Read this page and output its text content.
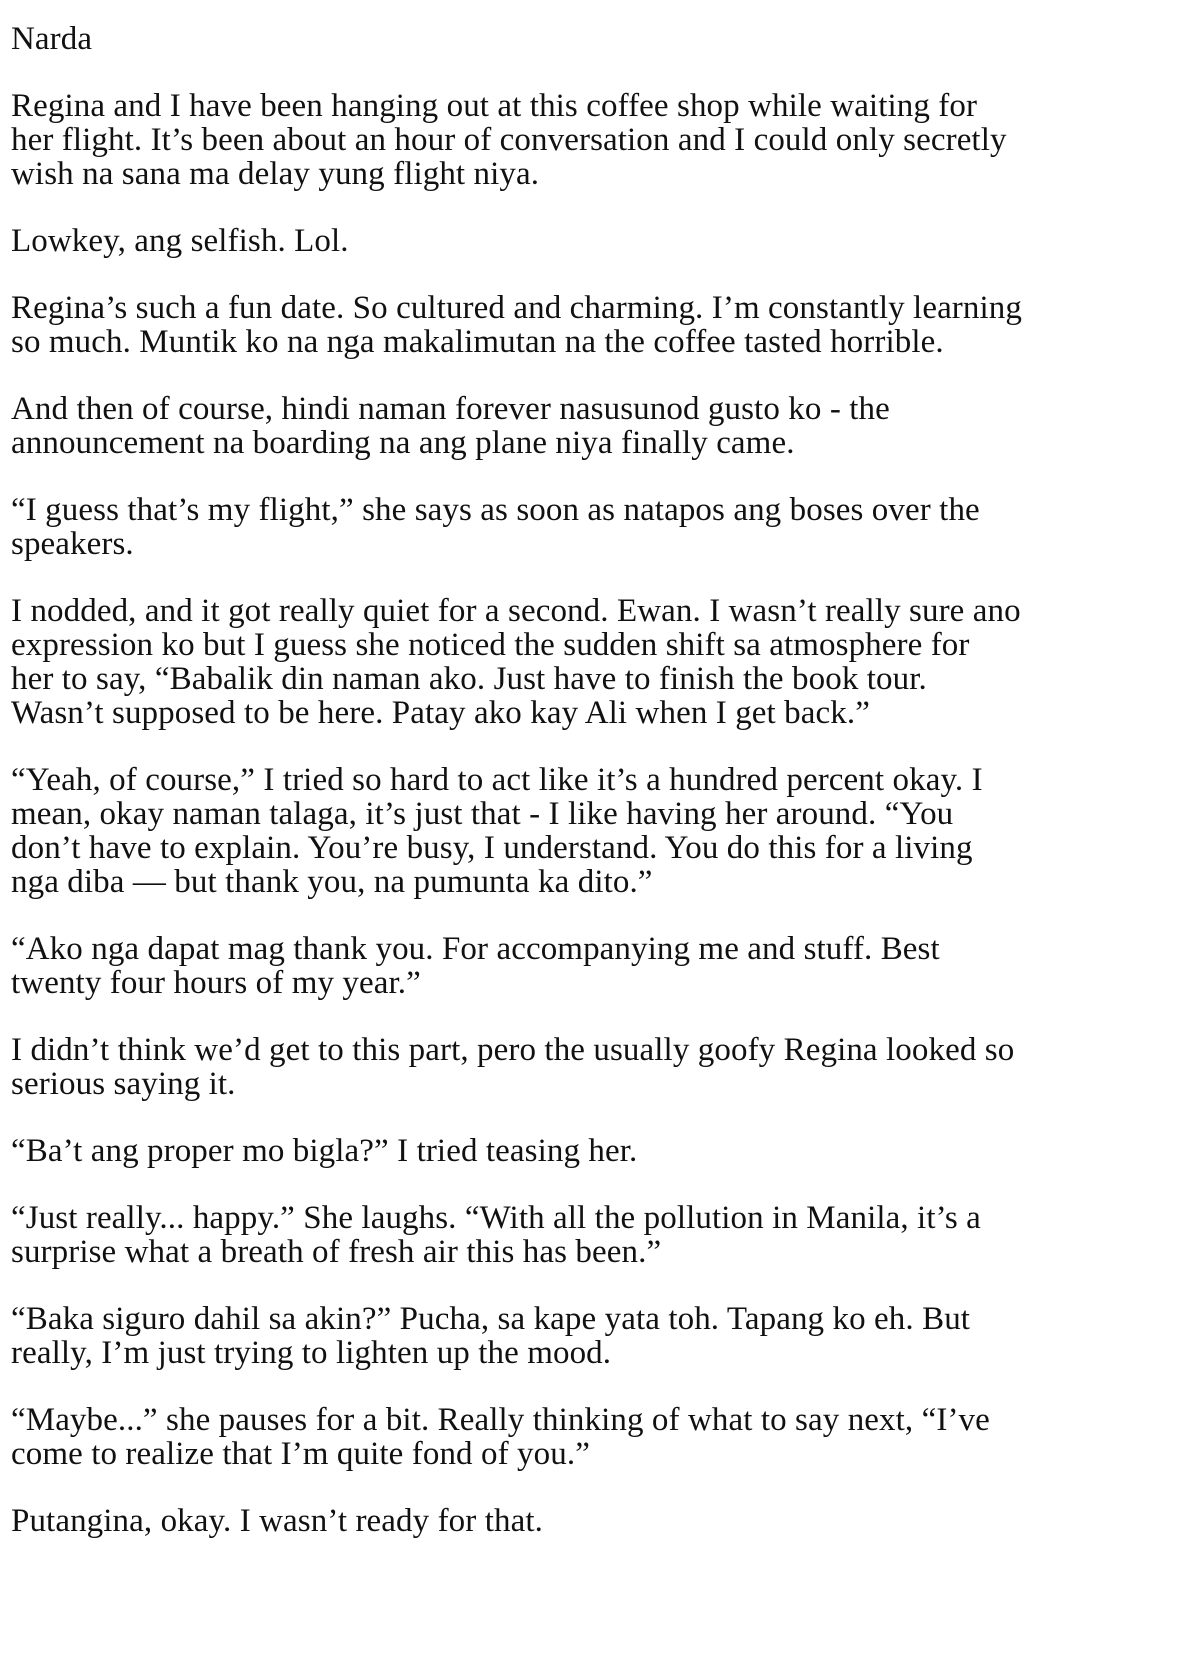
Narda

Regina and I have been hanging out at this coffee shop while waiting for
her flight. It’s been about an hour of conversation and I could only secretly
wish na sana ma delay yung flight niya.

Lowkey, ang selfish. Lol.

Regina’s such a fun date. So cultured and charming. I’m constantly learning
so much. Muntik ko na nga makalimutan na the coffee tasted horrible.

And then of course, hindi naman forever nasusunod gusto ko - the
announcement na boarding na ang plane niya finally came.

“I guess that’s my flight,” she says as soon as natapos ang boses over the
speakers.

I nodded, and it got really quiet for a second. Ewan. I wasn’t really sure ano
expression ko but I guess she noticed the sudden shift sa atmosphere for
her to say, “Babalik din naman ako. Just have to finish the book tour.
Wasn’t supposed to be here. Patay ako kay Ali when I get back.”

“Yeah, of course,” I tried so hard to act like it’s a hundred percent okay. I
mean, okay naman talaga, it’s just that - I like having her around. “You
don’t have to explain. You’re busy, I understand. You do this for a living
nga diba — but thank you, na pumunta ka dito.”

“Ako nga dapat mag thank you. For accompanying me and stuff. Best
twenty four hours of my year.”

I didn’t think we’d get to this part, pero the usually goofy Regina looked so
serious saying it.

“Ba’t ang proper mo bigla?” I tried teasing her.

“Just really... happy.” She laughs. “With all the pollution in Manila, it’s a
surprise what a breath of fresh air this has been.”

“Baka siguro dahil sa akin?” Pucha, sa kape yata toh. Tapang ko eh. But
really, I’m just trying to lighten up the mood.

“Maybe...” she pauses for a bit. Really thinking of what to say next, “I’ve
come to realize that I’m quite fond of you.”

Putangina, okay. I wasn’t ready for that.
